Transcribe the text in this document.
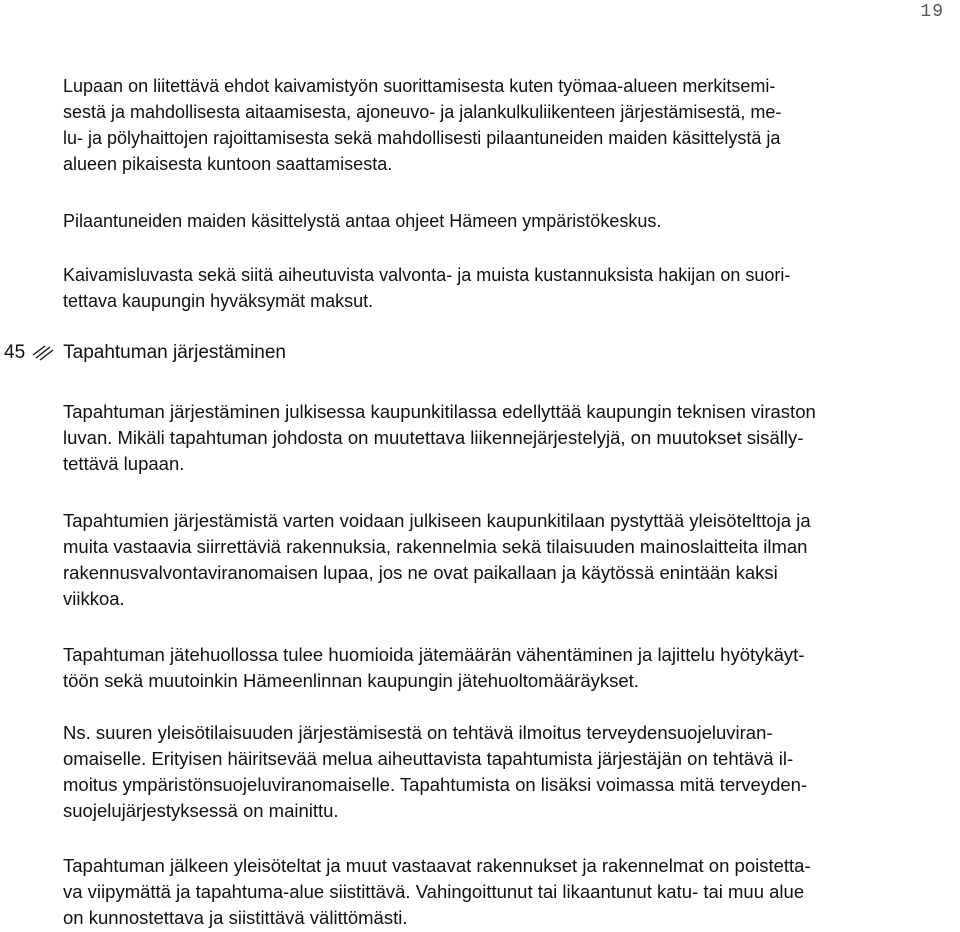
19
Lupaan on liitettävä ehdot kaivamistyön suorittamisesta kuten työmaa-alueen merkitsemi-
sestä ja mahdollisesta aitaamisesta, ajoneuvo- ja jalankulkuliikenteen järjestämisestä, me-
lu- ja pölyhaittojen rajoittamisesta sekä mahdollisesti pilaantuneiden maiden käsittelystä ja
alueen pikaisesta kuntoon saattamisesta.
Pilaantuneiden maiden käsittelystä antaa ohjeet Hämeen ympäristökeskus.
Kaivamisluvasta sekä siitä aiheutuvista valvonta- ja muista kustannuksista hakijan on suori-
tettava kaupungin hyväksymät maksut.
45 Tapahtuman järjestäminen
Tapahtuman järjestäminen julkisessa kaupunkitilassa edellyttää kaupungin teknisen viraston
luvan. Mikäli tapahtuman johdosta on muutettava liikennejärjestelyjä, on muutokset sisälly-
tettävä lupaan.
Tapahtumien järjestämistä varten voidaan julkiseen kaupunkitilaan pystyttää yleisötelttoja ja
muita vastaavia siirrettäviä rakennuksia, rakennelmia sekä tilaisuuden mainoslaitteita ilman
rakennusvalvontaviranomaisen lupaa, jos ne ovat paikallaan ja käytössä enintään kaksi
viikkoa.
Tapahtuman jätehuollossa tulee huomioida jätemäärän vähentäminen ja lajittelu hyötykäyt-
töön sekä muutoinkin Hämeenlinnan kaupungin jätehuoltomääräykset.
Ns. suuren yleisötilaisuuden järjestämisestä on tehtävä ilmoitus terveydensuojeluviran-
omaiselle. Erityisen häiritsevää melua aiheuttavista tapahtumista järjestäjän on tehtävä il-
moitus ympäristönsuojeluviranomaiselle. Tapahtumista on lisäksi voimassa mitä terveyden-
suojelujärjestyksessä on mainittu.
Tapahtuman jälkeen yleisöteltat ja muut vastaavat rakennukset ja rakennelmat on poistetta-
va viipymättä ja tapahtuma-alue siistittävä. Vahingoittunut tai likaantunut katu- tai muu alue
on kunnostettava ja siistittävä välittömästi.
